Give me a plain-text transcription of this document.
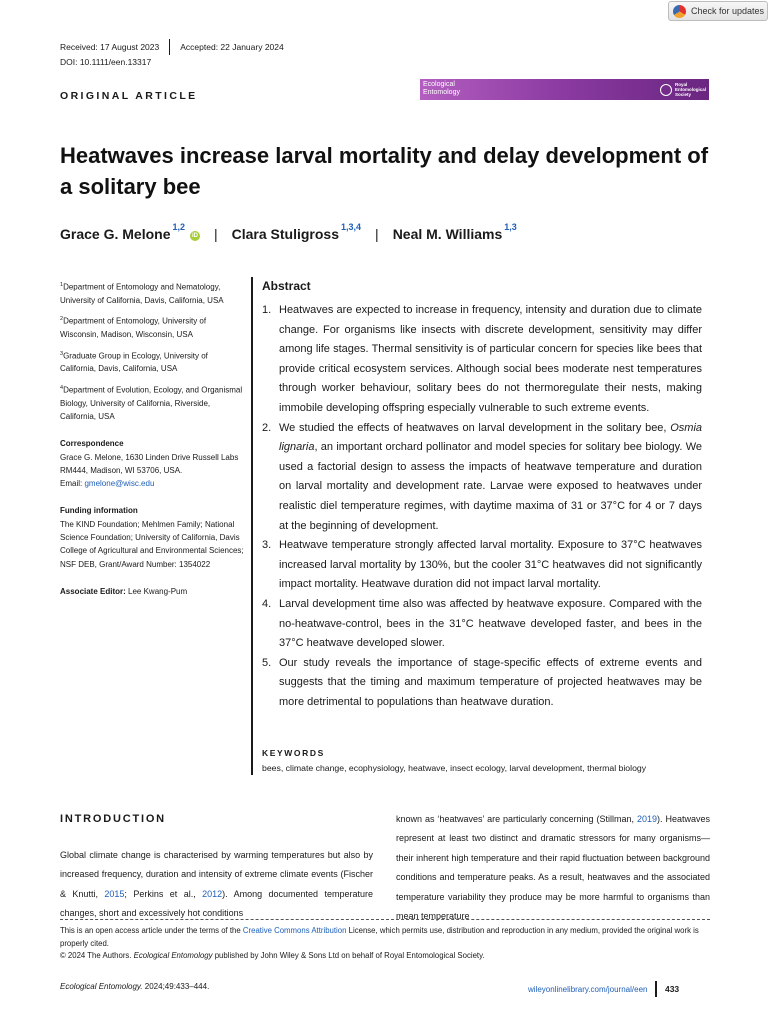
Check for updates
Received: 17 August 2023 Accepted: 22 January 2024
DOI: 10.1111/een.13317
ORIGINAL ARTICLE
Ecological Entomology
Royal Entomological Society
Heatwaves increase larval mortality and delay development of a solitary bee
Grace G. Melone$^{1,2}$
iD | Clara Stuligross$^{1,3,4}$ | Neal M. Williams$^{1,3}$

$^1$Department of Entomology and Nematology, University of California, Davis, California, USA

$^2$Department of Entomology, University of Wisconsin, Madison, Wisconsin, USA

$^3$Graduate Group in Ecology, University of California, Davis, California, USA

$^4$Department of Evolution, Ecology, and Organismal Biology, University of California, Riverside, California, USA

Correspondence

Grace G. Melone, 1630 Linden Drive Russell Labs RM444, Madison, WI 53706, USA.

Email: gmelone@wisc.edu

Funding information

The KIND Foundation; Mehlmen Family; National Science Foundation; University of California, Davis College of Agricultural and Environmental Sciences; NSF DEB, Grant/Award Number: 1354022

Associate Editor: Lee Kwang-Pum

Abstract
1. Heatwaves are expected to increase in frequency, intensity and duration due to climate change. For organisms like insects with discrete development, sensitivity may differ among life stages. Thermal sensitivity is of particular concern for species like bees that provide critical ecosystem services. Although social bees moderate nest temperatures through worker behaviour, solitary bees do not thermoregulate their nests, making immobile developing offspring especially vulnerable to such extreme events.
2. We studied the effects of heatwaves on larval development in the solitary bee, Osmia lignaria, an important orchard pollinator and model species for solitary bee biology. We used a factorial design to assess the impacts of heatwave temperature and duration on larval mortality and development rate. Larvae were exposed to heatwaves under realistic diel temperature regimes, with daytime maxima of 31 or 37°C for 4 or 7 days at the beginning of development.
3. Heatwave temperature strongly affected larval mortality. Exposure to 37°C heatwaves increased larval mortality by 130%, but the cooler 31°C heatwaves did not significantly impact mortality. Heatwave duration did not impact larval mortality.
4. Larval development time also was affected by heatwave exposure. Compared with the no-heatwave-control, bees in the 31°C heatwave developed faster, and bees in the 37°C heatwave developed slower.
5. Our study reveals the importance of stage-specific effects of extreme events and suggests that the timing and maximum temperature of projected heatwaves may be more detrimental to populations than heatwave duration.
KEYWORDS
bees, climate change, ecophysiology, heatwave, insect ecology, larval development, thermal biology
INTRODUCTION

Global climate change is characterised by warming temperatures but also by increased frequency, duration and intensity of extreme climate events (Fischer & Knutti, 2015; Perkins et al., 2012). Among documented temperature changes, short and excessively hot conditions

known as ‘heatwaves’ are particularly concerning (Stillman, 2019). Heatwaves represent at least two distinct and dramatic stressors for many organisms—their inherent high temperature and their rapid fluctuation between background conditions and temperature peaks. As a result, heatwaves and the associated temperature variability they produce may be more harmful to organisms than mean temperature

This is an open access article under the terms of the Creative Commons Attribution License, which permits use, distribution and reproduction in any medium, provided the original work is properly cited.

© 2024 The Authors. Ecological Entomology published by John Wiley & Sons Ltd on behalf of Royal Entomological Society.

Ecological Entomology. 2024;49:433–444.	wileyonlinelibrary.com/journal/een 433
